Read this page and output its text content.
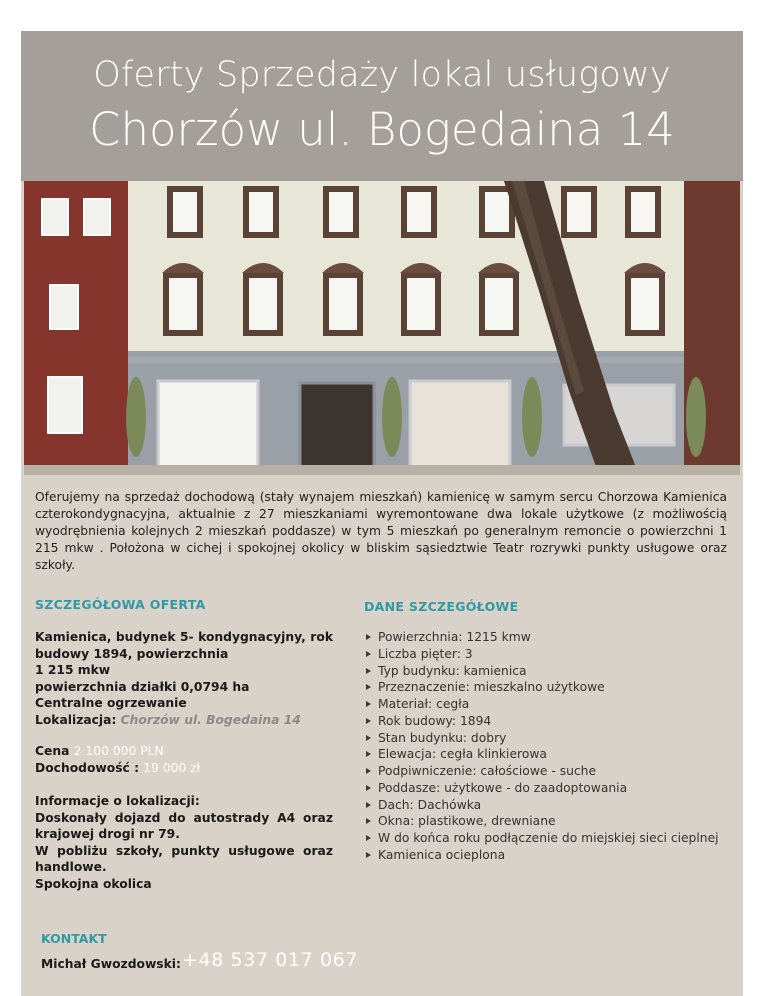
Oferty Sprzedaży lokal usługowy
Chorzów ul. Bogedaina 14
Oferujemy na sprzedaż dochodową (stały wynajem mieszkań) kamienicę w samym sercu Chorzowa Kamienica czterokondygnacyjna, aktualnie z 27 mieszkaniami wyremontowane dwa lokale użytkowe (z możliwością wyodrębnienia kolejnych 2 mieszkań poddasze) w tym 5 mieszkań po generalnym remoncie o powierzchni 1 215 mkw . Położona w cichej i spokojnej okolicy w bliskim sąsiedztwie Teatr rozrywki punkty usługowe oraz szkoły.
SZCZEGÓŁOWA OFERTA	DANE SZCZEGÓŁOWE

Kamienica, budynek 5- kondygnacyjny, rok budowy 1894, powierzchnia

1 215 mkw

powierzchnia działki 0,0794 ha

Centralne ogrzewanie

Lokalizacja: Chorzów ul. Bogedaina 14

Cena 2 100 000 PLN

Dochodowość : 19 000 zł

Informacje o lokalizacji:

Doskonały dojazd do autostrady A4 oraz krajowej drogi nr 79.

W pobliżu szkoły, punkty usługowe oraz handlowe.

Spokojna okolica

Powierzchnia: 1215 kmw
Liczba pięter: 3
Typ budynku: kamienica
Przeznaczenie: mieszkalno użytkowe
Materiał: cegła
Rok budowy: 1894
Stan budynku: dobry
Elewacja: cegła klinkierowa
Podpiwniczenie: całościowe - suche
Poddasze: użytkowe - do zaadoptowania
Dach: Dachówka
Okna: plastikowe, drewniane
W do końca roku podłączenie do miejskiej sieci cieplnej
Kamienica ocieplona
KONTAKT
Michał Gwozdowski: +48 537 017 067
